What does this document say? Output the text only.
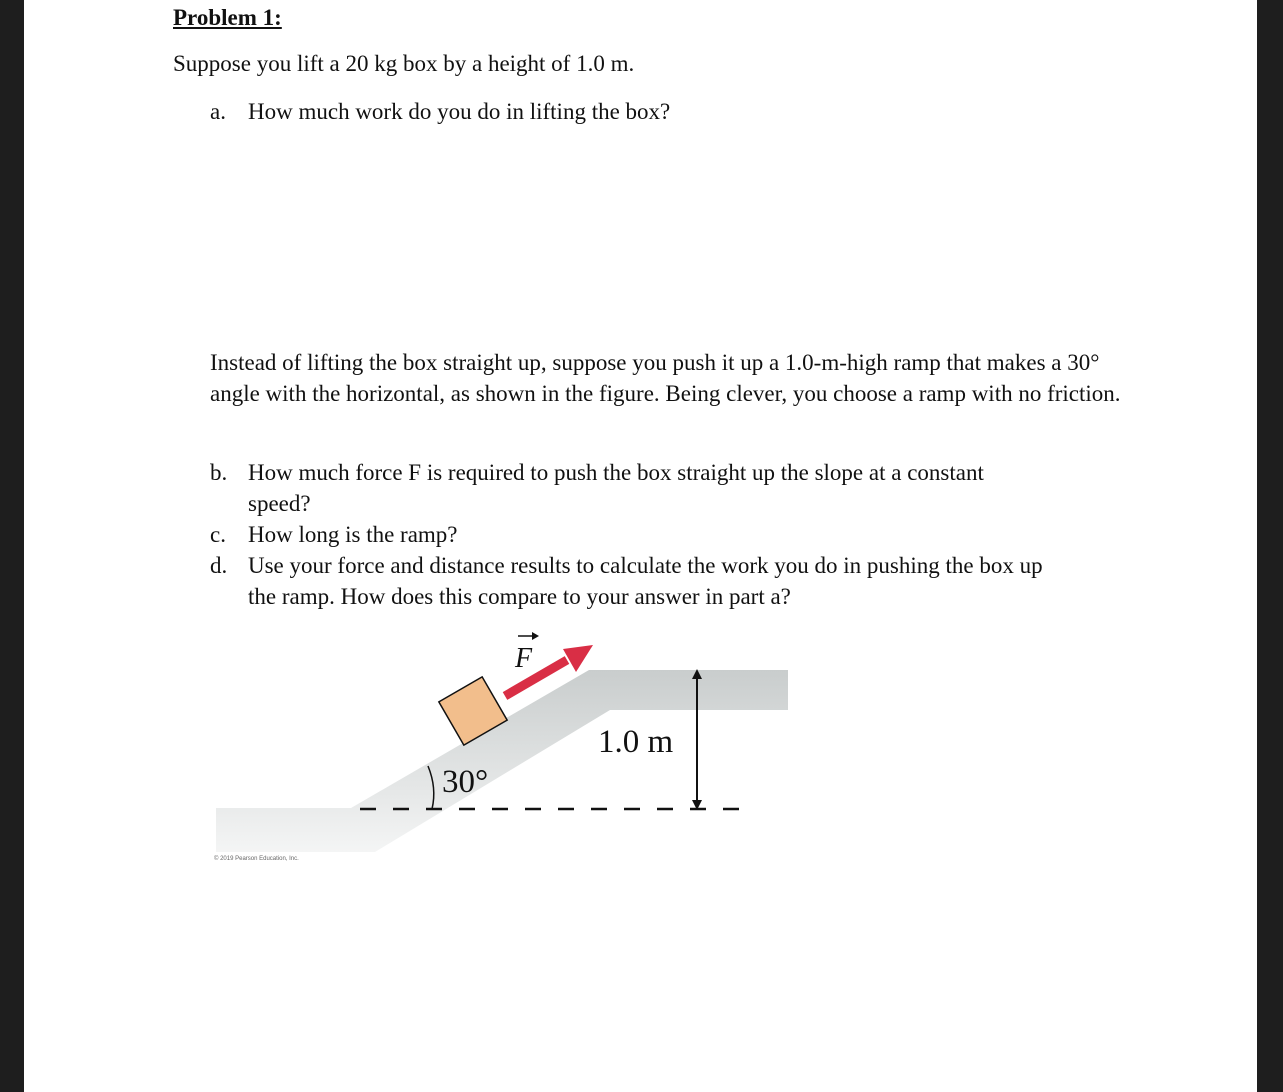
Problem 1:
Suppose you lift a 20 kg box by a height of 1.0 m.
a. How much work do you do in lifting the box?
Instead of lifting the box straight up, suppose you push it up a 1.0-m-high ramp that makes a 30° angle with the horizontal, as shown in the figure. Being clever, you choose a ramp with no friction.
b. How much force F is required to push the box straight up the slope at a constant
speed?
c. How long is the ramp?
d. Use your force and distance results to calculate the work you do in pushing the box up
the ramp. How does this compare to your answer in part a?
F
1.0 m
30°
© 2019 Pearson Education, Inc.
